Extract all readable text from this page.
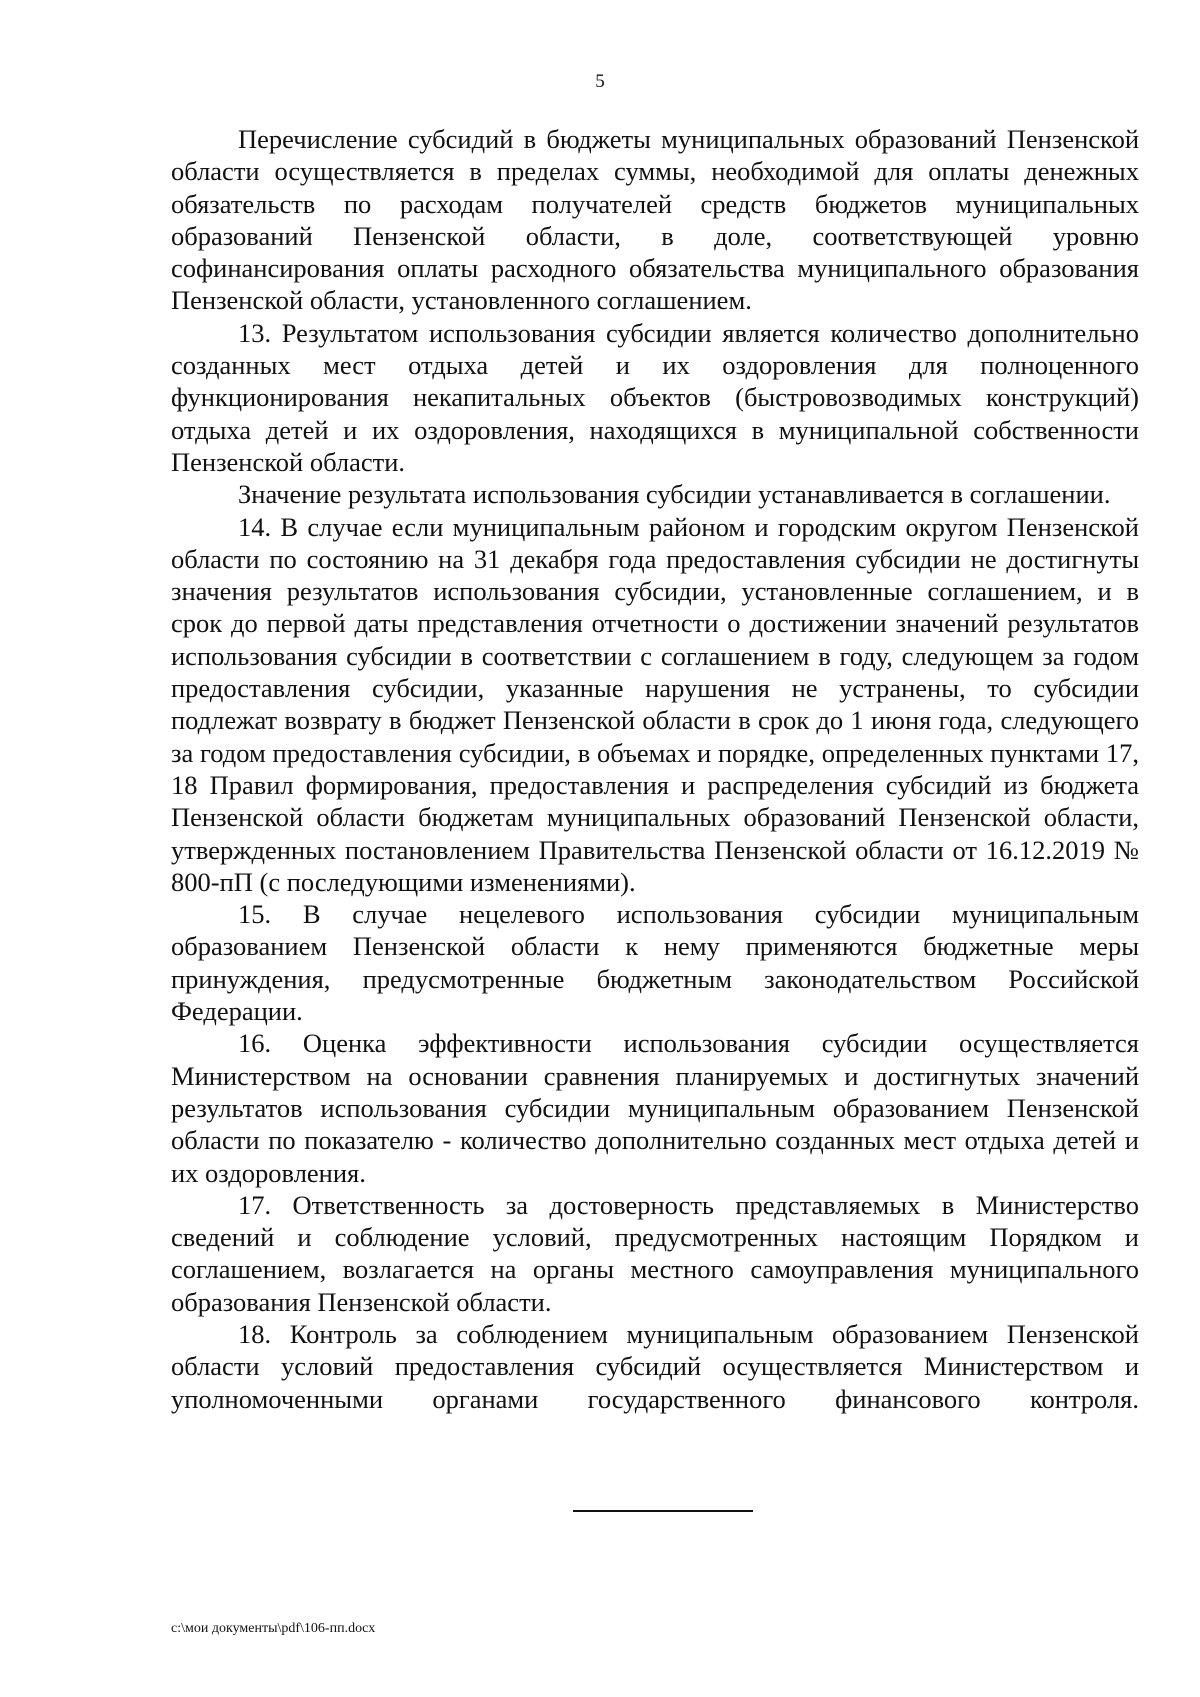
5

Перечисление субсидий в бюджеты муниципальных образований Пензенской области осуществляется в пределах суммы, необходимой для оплаты денежных обязательств по расходам получателей средств бюджетов муниципальных образований Пензенской области, в доле, соответствующей уровню софинансирования оплаты расходного обязательства муниципального образования Пензенской области, установленного соглашением.

13. Результатом использования субсидии является количество дополнительно созданных мест отдыха детей и их оздоровления для полноценного функционирования некапитальных объектов (быстровозводимых конструкций) отдыха детей и их оздоровления, находящихся в муниципальной собственности Пензенской области.

Значение результата использования субсидии устанавливается в соглашении.

14. В случае если муниципальным районом и городским округом Пензенской области по состоянию на 31 декабря года предоставления субсидии не достигнуты значения результатов использования субсидии, установленные соглашением, и в срок до первой даты представления отчетности о достижении значений результатов использования субсидии в соответствии с соглашением в году, следующем за годом предоставления субсидии, указанные нарушения не устранены, то субсидии подлежат возврату в бюджет Пензенской области в срок до 1 июня года, следующего за годом предоставления субсидии, в объемах и порядке, определенных пунктами 17, 18 Правил формирования, предоставления и распределения субсидий из бюджета Пензенской области бюджетам муниципальных образований Пензенской области, утвержденных постановлением Правительства Пензенской области от 16.12.2019 № 800-пП (с последующими изменениями).

15. В случае нецелевого использования субсидии муниципальным образованием Пензенской области к нему применяются бюджетные меры принуждения, предусмотренные бюджетным законодательством Российской Федерации.

16. Оценка эффективности использования субсидии осуществляется Министерством на основании сравнения планируемых и достигнутых значений результатов использования субсидии муниципальным образованием Пензенской области по показателю - количество дополнительно созданных мест отдыха детей и их оздоровления.

17. Ответственность за достоверность представляемых в Министерство сведений и соблюдение условий, предусмотренных настоящим Порядком и соглашением, возлагается на органы местного самоуправления муниципального образования Пензенской области.

18. Контроль за соблюдением муниципальным образованием Пензенской области условий предоставления субсидий осуществляется Министерством и уполномоченными органами государственного финансового контроля.

c:\мои документы\pdf\106-пп.docx
